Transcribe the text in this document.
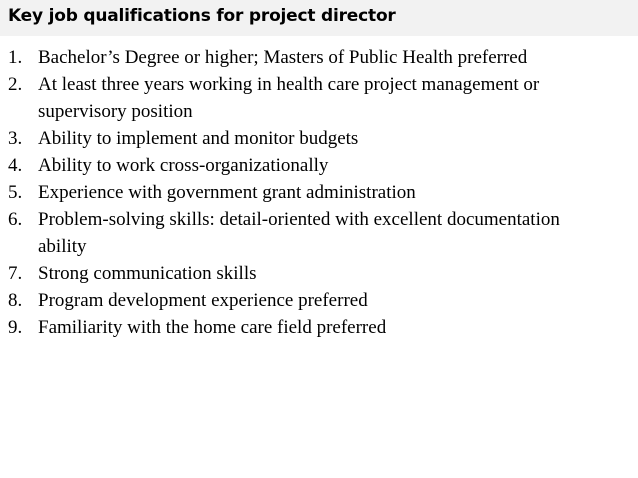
Key job qualifications for project director
1. Bachelor’s Degree or higher; Masters of Public Health preferred
2. At least three years working in health care project management or supervisory position
3. Ability to implement and monitor budgets
4. Ability to work cross-organizationally
5. Experience with government grant administration
6. Problem-solving skills: detail-oriented with excellent documentation ability
7. Strong communication skills
8. Program development experience preferred
9. Familiarity with the home care field preferred
